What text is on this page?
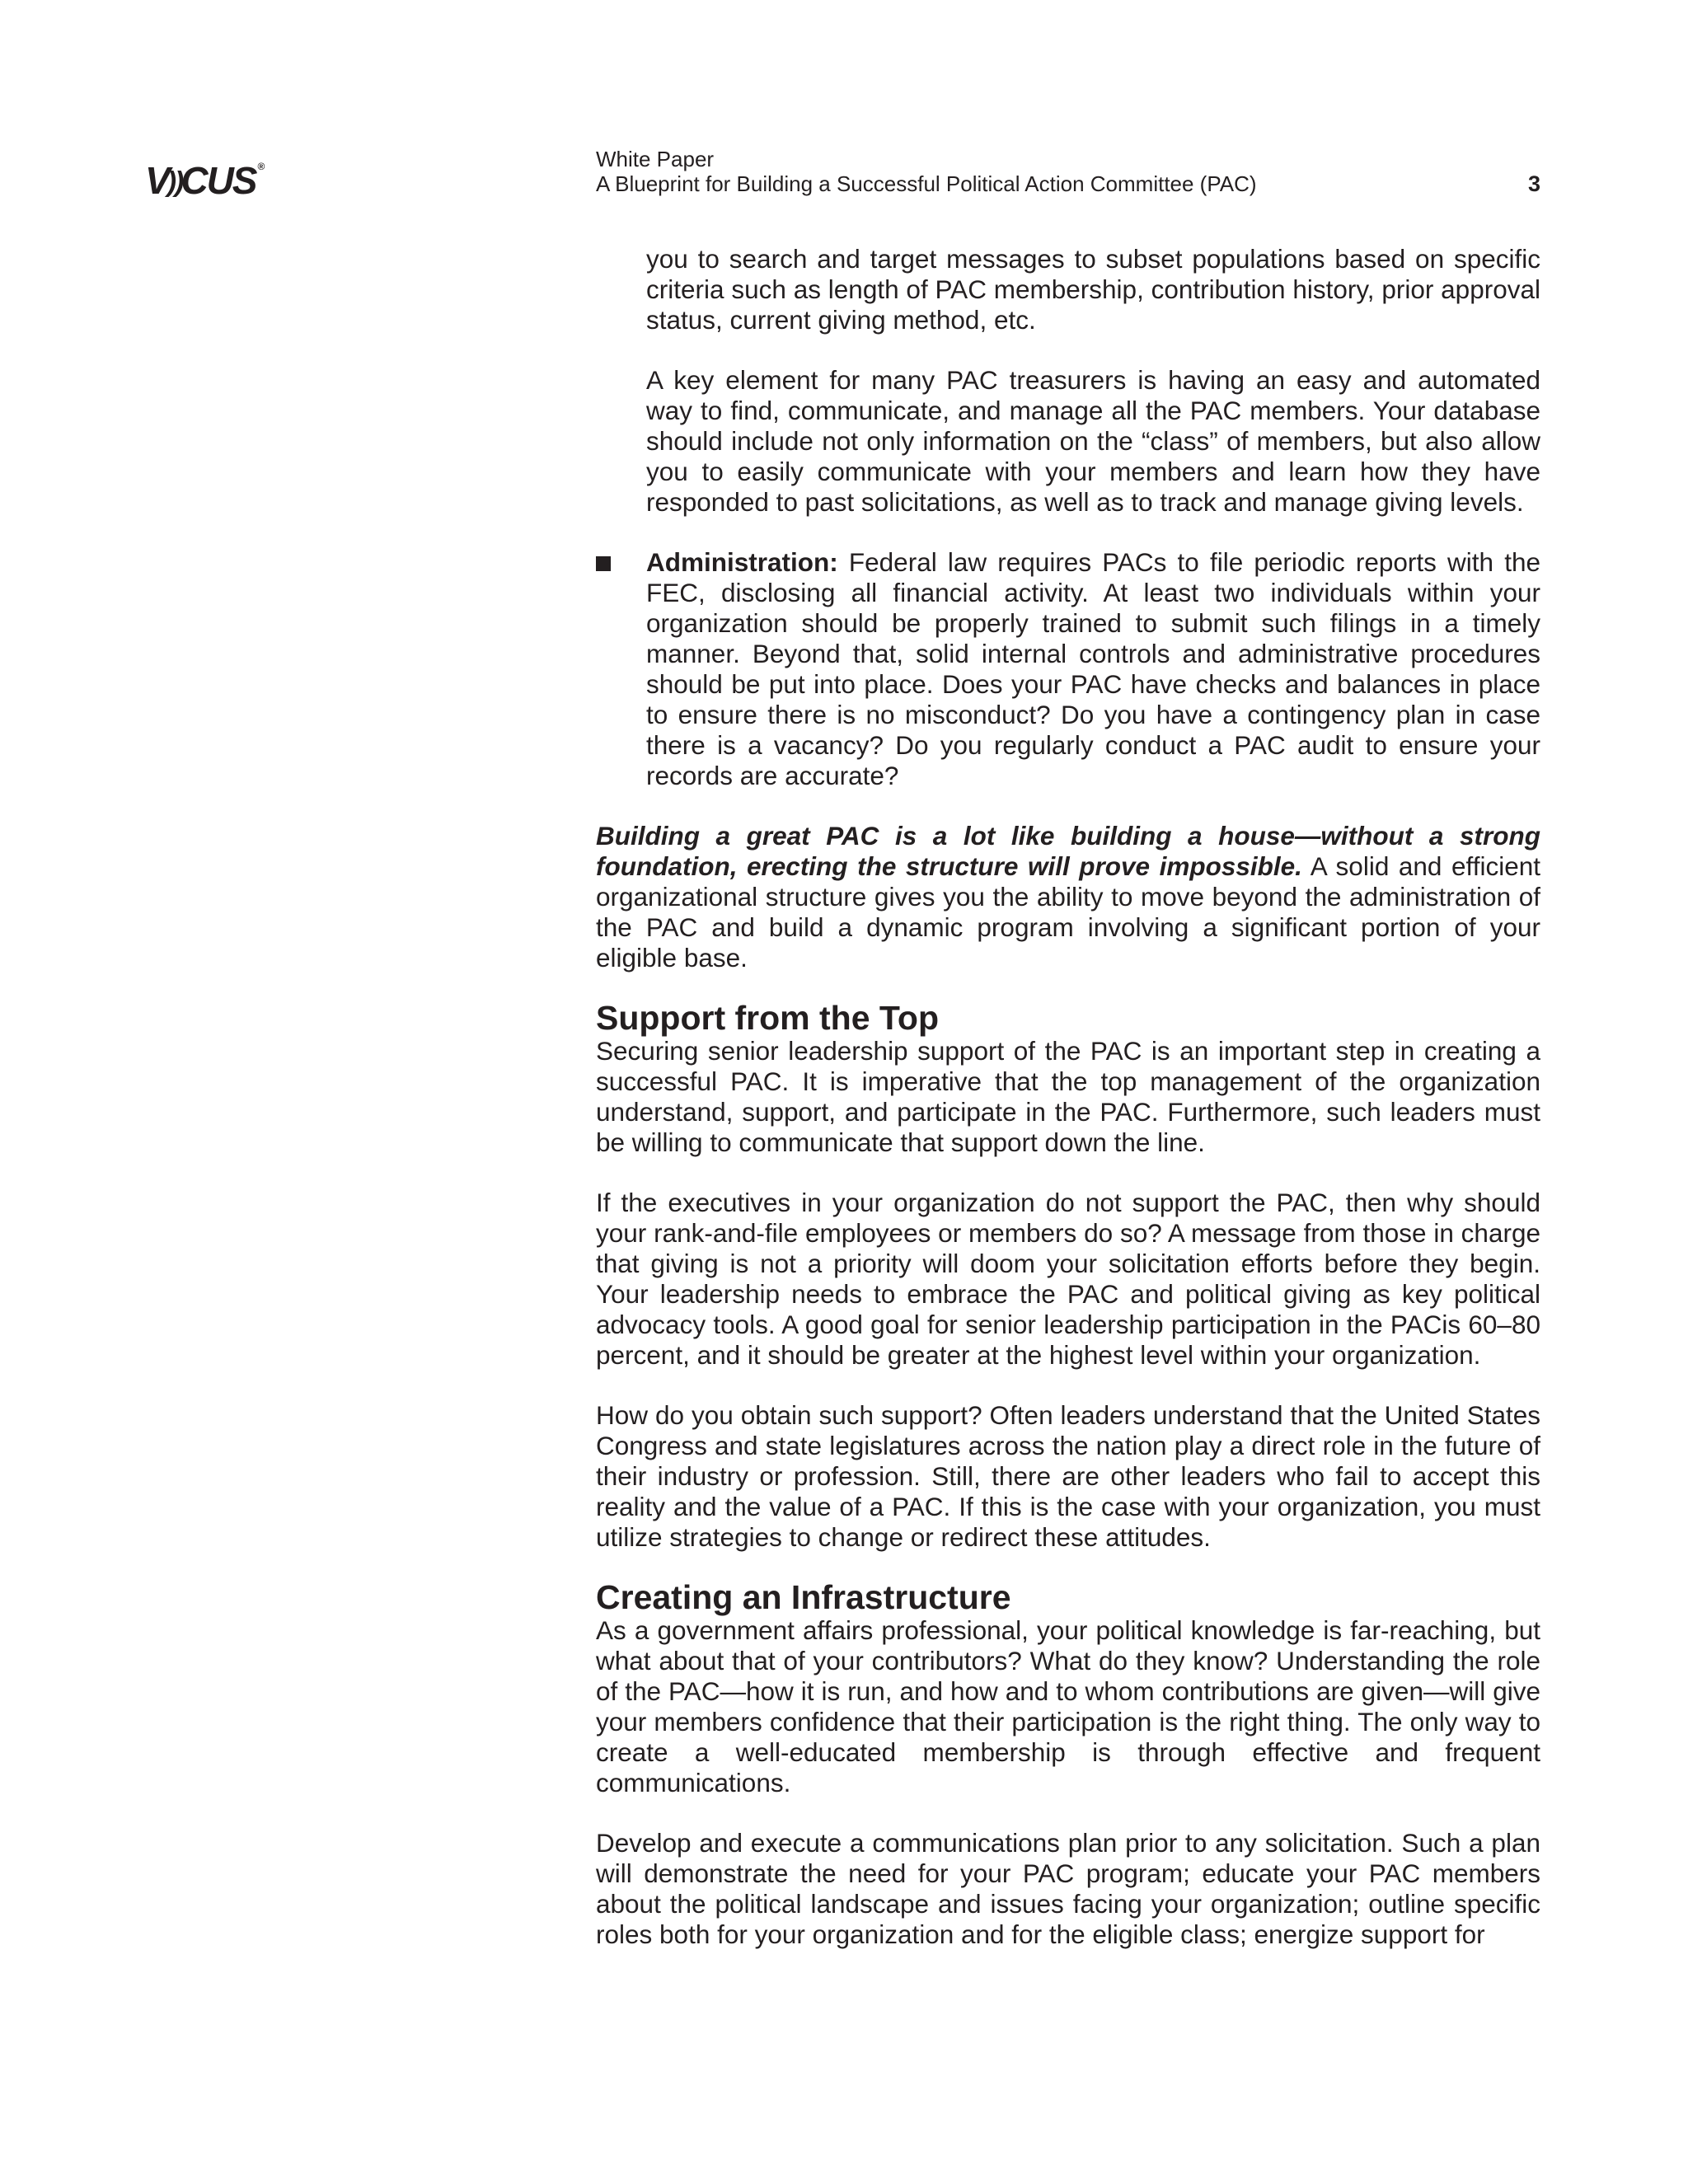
V))CUS ®	White Paper
A Blueprint for Building a Successful Political Action Committee (PAC)	3

you to search and target messages to subset populations based on specific criteria such as length of PAC membership, contribution history, prior approval status, current giving method, etc.

A key element for many PAC treasurers is having an easy and automated way to find, communicate, and manage all the PAC members. Your database should include not only information on the “class” of members, but also allow you to easily communicate with your members and learn how they have responded to past solicitations, as well as to track and manage giving levels.

Administration: Federal law requires PACs to file periodic reports with the FEC, disclosing all financial activity. At least two individuals within your organization should be properly trained to submit such filings in a timely manner. Beyond that, solid internal controls and administrative procedures should be put into place. Does your PAC have checks and balances in place to ensure there is no misconduct? Do you have a contingency plan in case there is a vacancy? Do you regularly conduct a PAC audit to ensure your records are accurate?

Building a great PAC is a lot like building a house—without a strong foundation, erecting the structure will prove impossible. A solid and efficient organizational structure gives you the ability to move beyond the administration of the PAC and build a dynamic program involving a significant portion of your eligible base.

Support from the Top

Securing senior leadership support of the PAC is an important step in creating a successful PAC. It is imperative that the top management of the organization understand, support, and participate in the PAC. Furthermore, such leaders must be willing to communicate that support down the line.

If the executives in your organization do not support the PAC, then why should your rank-and-file employees or members do so? A message from those in charge that giving is not a priority will doom your solicitation efforts before they begin. Your leadership needs to embrace the PAC and political giving as key political advocacy tools. A good goal for senior leadership participation in the PACis 60–80 percent, and it should be greater at the highest level within your organization.

How do you obtain such support? Often leaders understand that the United States Congress and state legislatures across the nation play a direct role in the future of their industry or profession. Still, there are other leaders who fail to accept this reality and the value of a PAC. If this is the case with your organization, you must utilize strategies to change or redirect these attitudes.

Creating an Infrastructure

As a government affairs professional, your political knowledge is far-reaching, but what about that of your contributors? What do they know? Understanding the role of the PAC—how it is run, and how and to whom contributions are given—will give your members confidence that their participation is the right thing. The only way to create a well-educated membership is through effective and frequent communications.

Develop and execute a communications plan prior to any solicitation. Such a plan will demonstrate the need for your PAC program; educate your PAC members about the political landscape and issues facing your organization; outline specific roles both for your organization and for the eligible class; energize support for
